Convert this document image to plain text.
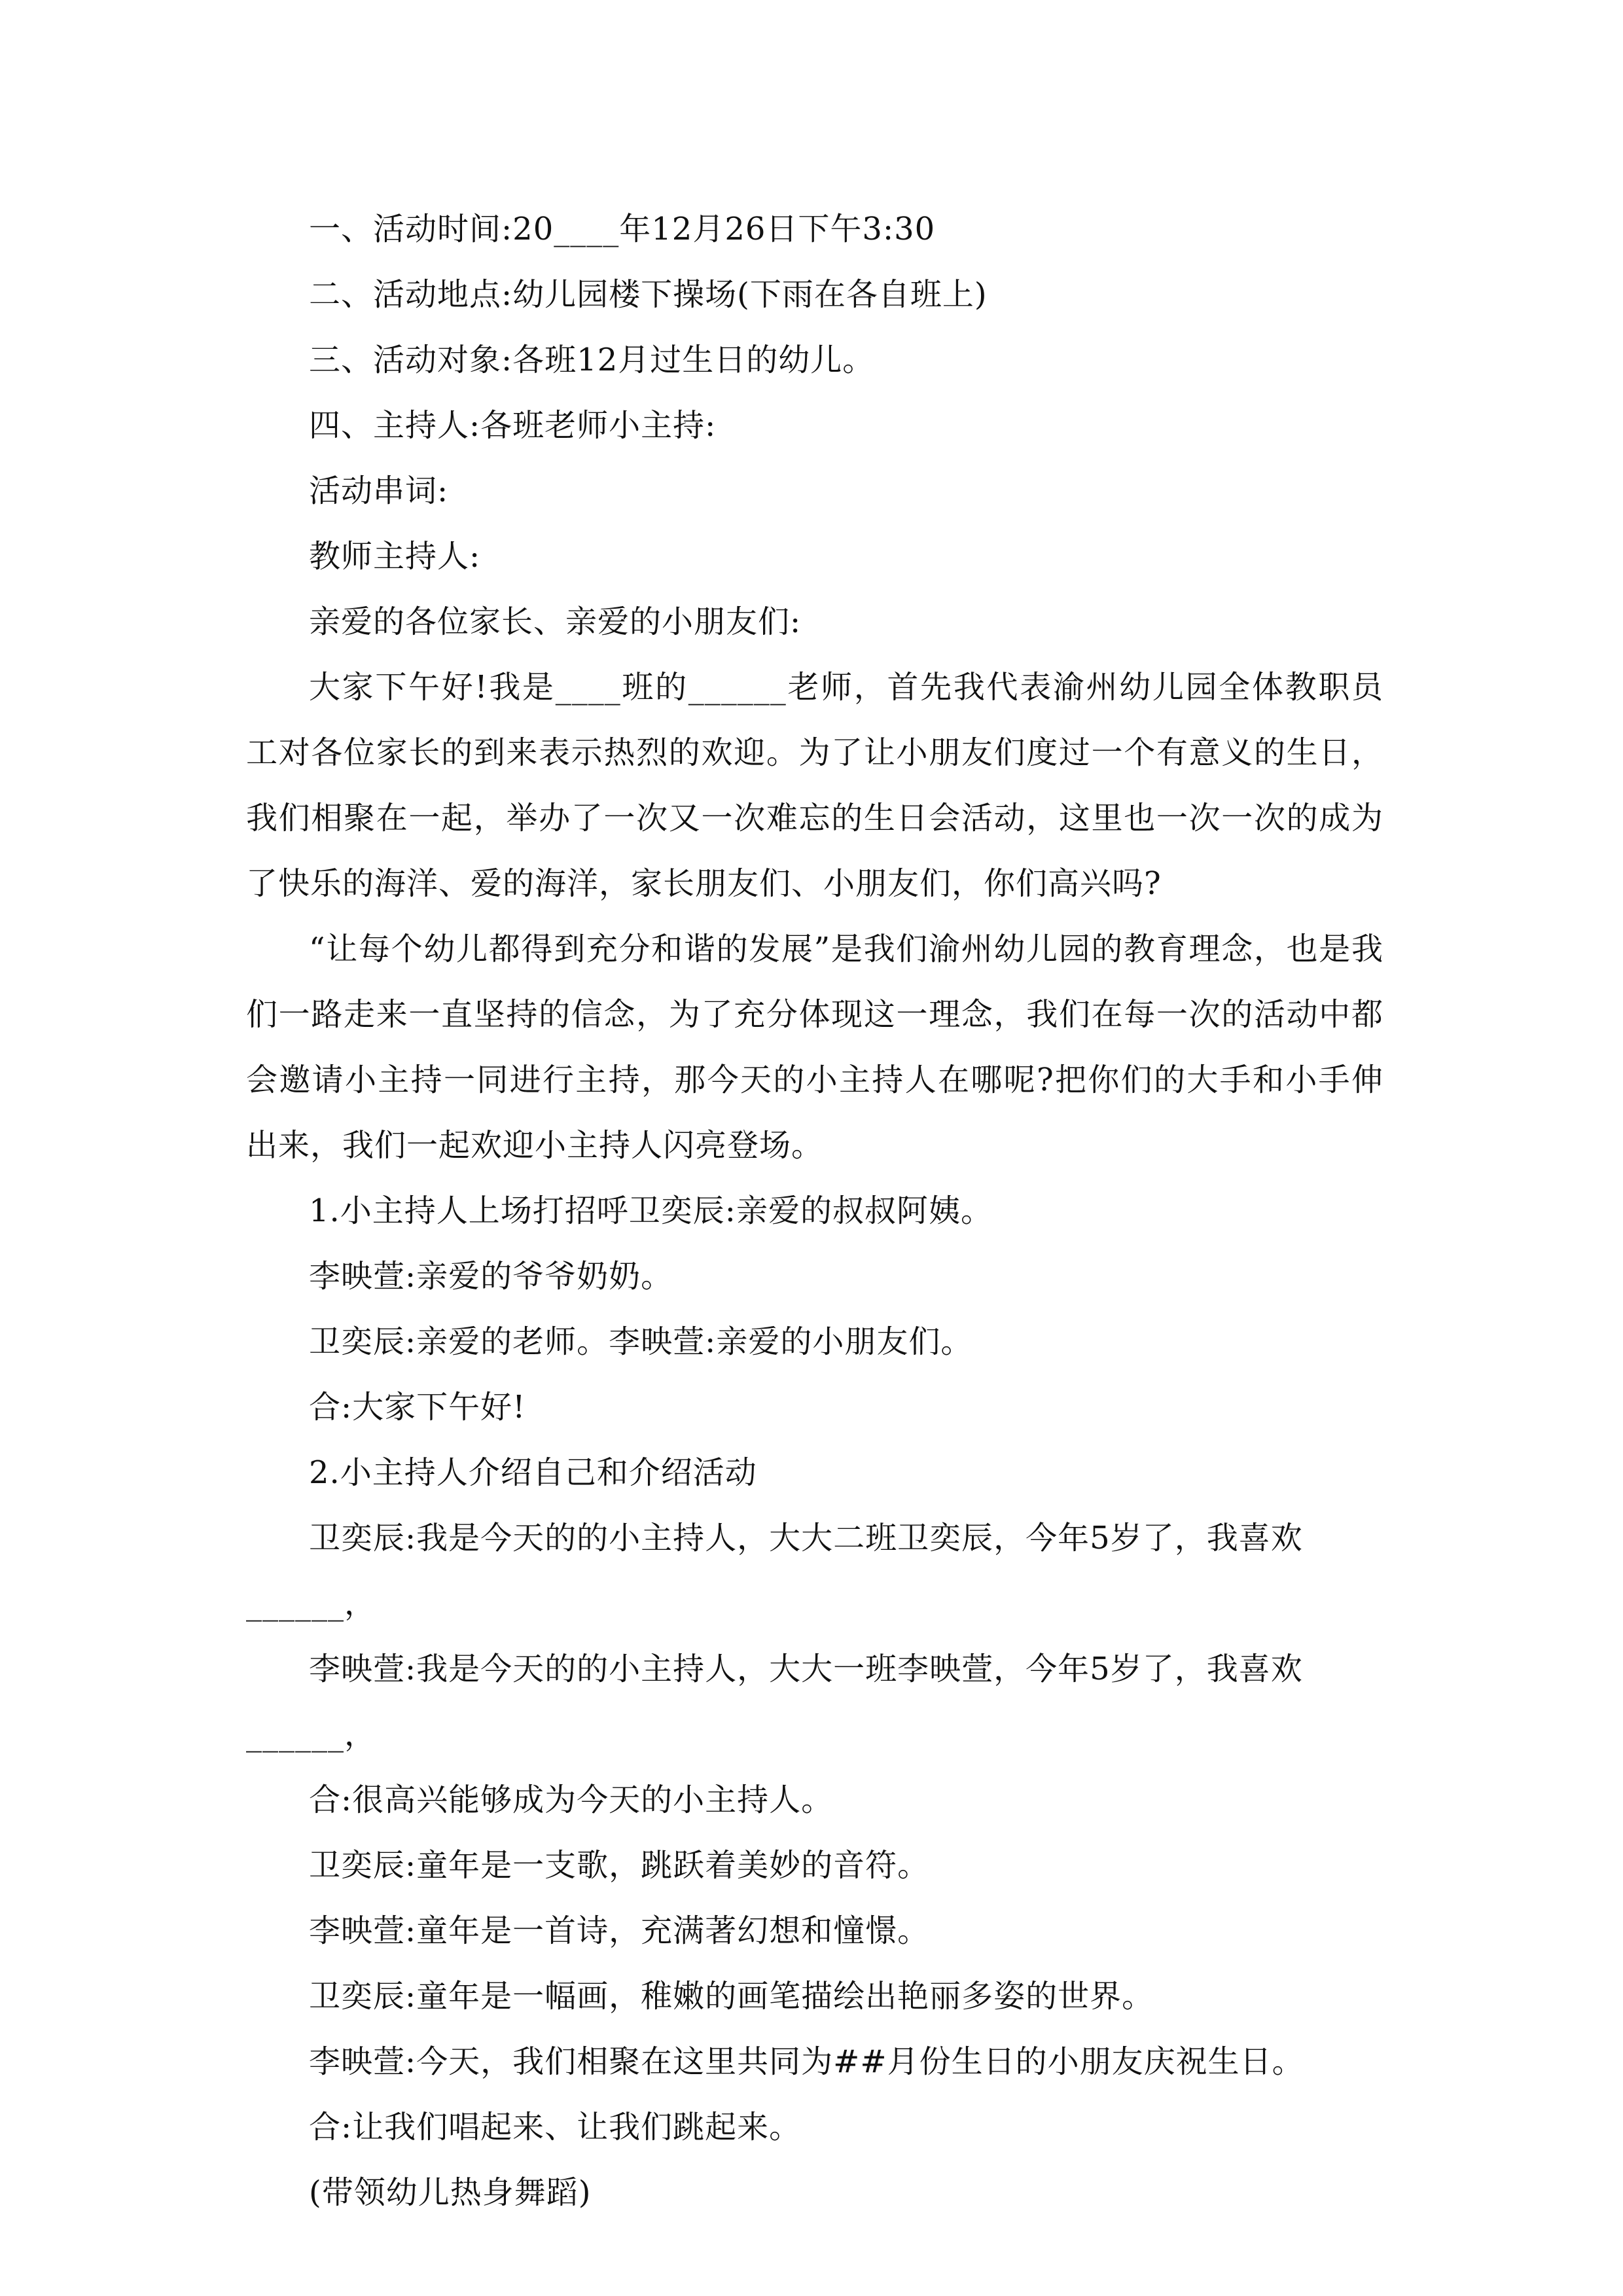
一、活动时间:20____年12月26日下午3:30

二、活动地点:幼儿园楼下操场(下雨在各自班上)

三、活动对象:各班12月过生日的幼儿。

四、主持人:各班老师小主持:

活动串词:

教师主持人:

亲爱的各位家长、亲爱的小朋友们:

大家下午好!我是____班的______老师，首先我代表渝州幼儿园全体教职员工对各位家长的到来表示热烈的欢迎。为了让小朋友们度过一个有意义的生日，我们相聚在一起，举办了一次又一次难忘的生日会活动，这里也一次一次的成为了快乐的海洋、爱的海洋，家长朋友们、小朋友们，你们高兴吗?

“让每个幼儿都得到充分和谐的发展”是我们渝州幼儿园的教育理念，也是我们一路走来一直坚持的信念，为了充分体现这一理念，我们在每一次的活动中都会邀请小主持一同进行主持，那今天的小主持人在哪呢?把你们的大手和小手伸出来，我们一起欢迎小主持人闪亮登场。

1.小主持人上场打招呼卫奕辰:亲爱的叔叔阿姨。

李映萱:亲爱的爷爷奶奶。

卫奕辰:亲爱的老师。李映萱:亲爱的小朋友们。

合:大家下午好!

2.小主持人介绍自己和介绍活动

卫奕辰:我是今天的的小主持人，大大二班卫奕辰，今年5岁了，我喜欢______，

李映萱:我是今天的的小主持人，大大一班李映萱，今年5岁了，我喜欢______，

合:很高兴能够成为今天的小主持人。

卫奕辰:童年是一支歌，跳跃着美妙的音符。

李映萱:童年是一首诗，充满著幻想和憧憬。

卫奕辰:童年是一幅画，稚嫩的画笔描绘出艳丽多姿的世界。

李映萱:今天，我们相聚在这里共同为##月份生日的小朋友庆祝生日。

合:让我们唱起来、让我们跳起来。

(带领幼儿热身舞蹈)
